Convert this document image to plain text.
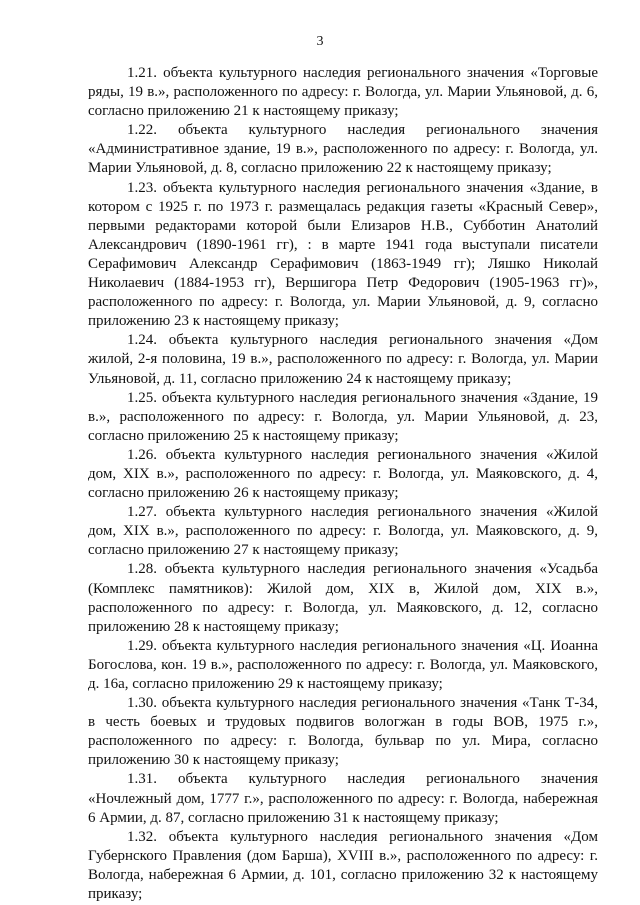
3

1.21. объекта культурного наследия регионального значения «Торговые ряды, 19 в.», расположенного по адресу: г. Вологда, ул. Марии Ульяновой, д. 6, согласно приложению 21 к настоящему приказу;

1.22. объекта культурного наследия регионального значения «Административное здание, 19 в.», расположенного по адресу: г. Вологда, ул. Марии Ульяновой, д. 8, согласно приложению 22 к настоящему приказу;

1.23. объекта культурного наследия регионального значения «Здание, в котором с 1925 г. по 1973 г. размещалась редакция газеты «Красный Север», первыми редакторами которой были Елизаров Н.В., Субботин Анатолий Александрович (1890-1961 гг), : в марте 1941 года выступали писатели Серафимович Александр Серафимович (1863-1949 гг); Ляшко Николай Николаевич (1884-1953 гг), Вершигора Петр Федорович (1905-1963 гг)», расположенного по адресу: г. Вологда, ул. Марии Ульяновой, д. 9, согласно приложению 23 к настоящему приказу;

1.24. объекта культурного наследия регионального значения «Дом жилой, 2-я половина, 19 в.», расположенного по адресу: г. Вологда, ул. Марии Ульяновой, д. 11, согласно приложению 24 к настоящему приказу;

1.25. объекта культурного наследия регионального значения «Здание, 19 в.», расположенного по адресу: г. Вологда, ул. Марии Ульяновой, д. 23, согласно приложению 25 к настоящему приказу;

1.26. объекта культурного наследия регионального значения «Жилой дом, XIX в.», расположенного по адресу: г. Вологда, ул. Маяковского, д. 4, согласно приложению 26 к настоящему приказу;

1.27. объекта культурного наследия регионального значения «Жилой дом, XIX в.», расположенного по адресу: г. Вологда, ул. Маяковского, д. 9, согласно приложению 27 к настоящему приказу;

1.28. объекта культурного наследия регионального значения «Усадьба (Комплекс памятников): Жилой дом, XIX в, Жилой дом, XIX в.», расположенного по адресу: г. Вологда, ул. Маяковского, д. 12, согласно приложению 28 к настоящему приказу;

1.29. объекта культурного наследия регионального значения «Ц. Иоанна Богослова, кон. 19 в.», расположенного по адресу: г. Вологда, ул. Маяковского, д. 16а, согласно приложению 29 к настоящему приказу;

1.30. объекта культурного наследия регионального значения «Танк Т-34, в честь боевых и трудовых подвигов вологжан в годы ВОВ, 1975 г.», расположенного по адресу: г. Вологда, бульвар по ул. Мира, согласно приложению 30 к настоящему приказу;

1.31. объекта культурного наследия регионального значения «Ночлежный дом, 1777 г.», расположенного по адресу: г. Вологда, набережная 6 Армии, д. 87, согласно приложению 31 к настоящему приказу;

1.32. объекта культурного наследия регионального значения «Дом Губернского Правления (дом Барша), XVIII в.», расположенного по адресу: г. Вологда, набережная 6 Армии, д. 101, согласно приложению 32 к настоящему приказу;
